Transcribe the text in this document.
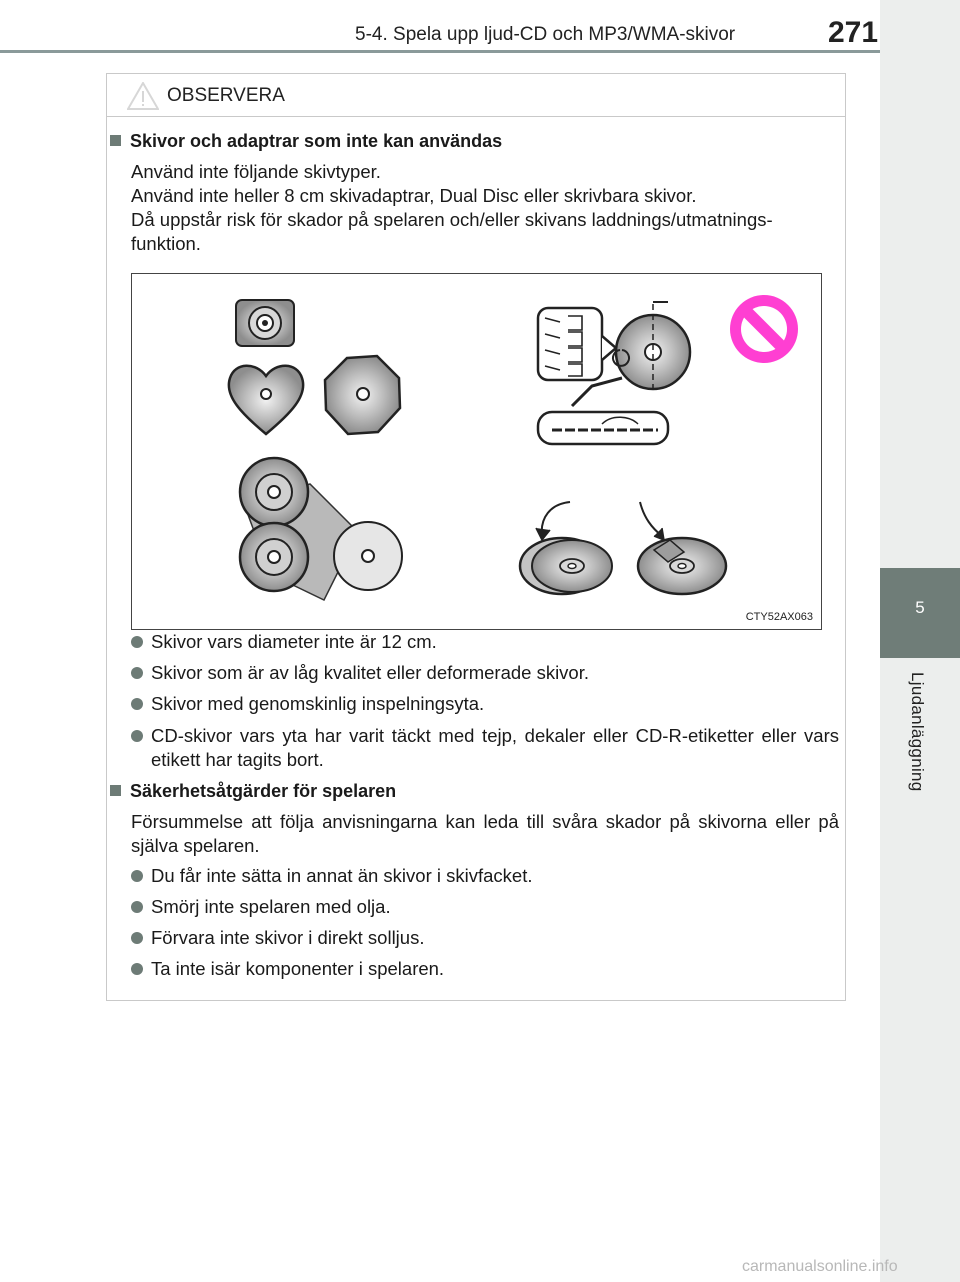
5-4. Spela upp ljud-CD och MP3/WMA-skivor	271
5
Ljudanläggning
OBSERVERA
Skivor och adaptrar som inte kan användas
Använd inte följande skivtyper.
Använd inte heller 8 cm skivadaptrar, Dual Disc eller skrivbara skivor.
Då uppstår risk för skador på spelaren och/eller skivans laddnings/utmatnings-funktion.
CTY52AX063
Skivor vars diameter inte är 12 cm.
Skivor som är av låg kvalitet eller deformerade skivor.
Skivor med genomskinlig inspelningsyta.
CD-skivor vars yta har varit täckt med tejp, dekaler eller CD-R-etiketter eller vars etikett har tagits bort.
Säkerhetsåtgärder för spelaren
Försummelse att följa anvisningarna kan leda till svåra skador på skivorna eller på själva spelaren.
Du får inte sätta in annat än skivor i skivfacket.
Smörj inte spelaren med olja.
Förvara inte skivor i direkt solljus.
Ta inte isär komponenter i spelaren.
carmanualsonline.info
